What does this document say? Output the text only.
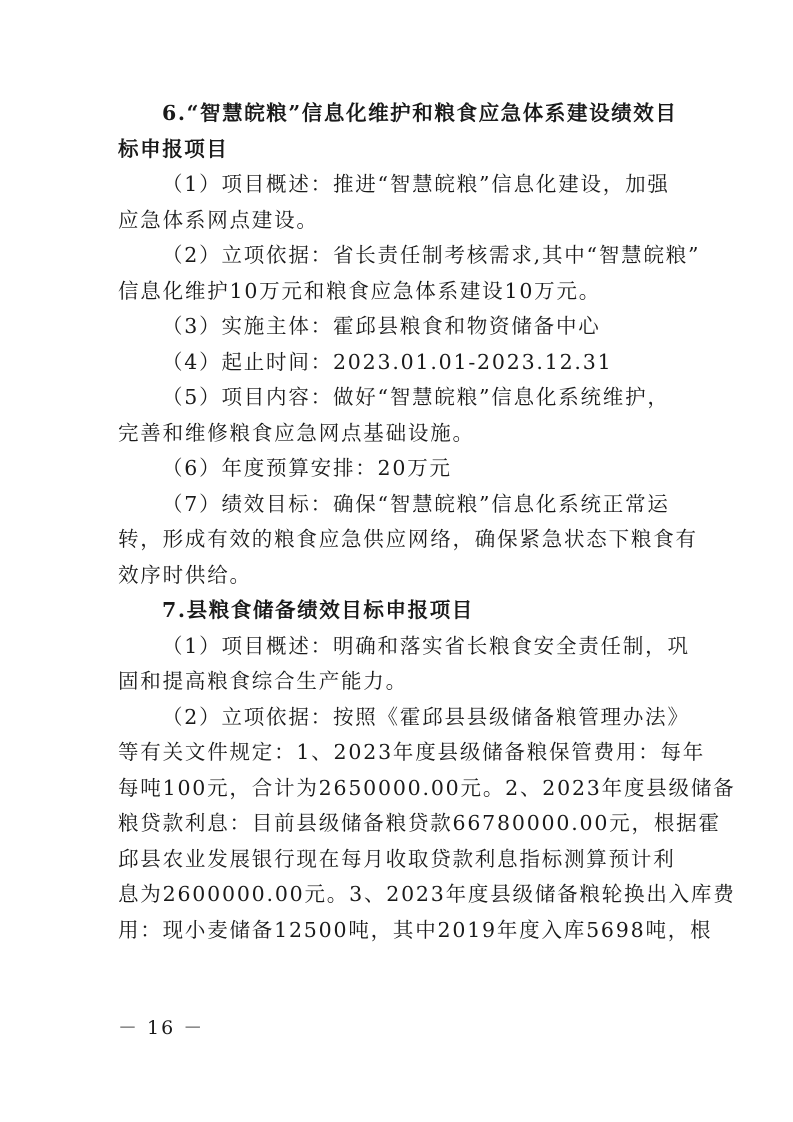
6.“智慧皖粮”信息化维护和粮食应急体系建设绩效目

标申报项目

（1）项目概述：推进“智慧皖粮”信息化建设，加强

应急体系网点建设。

（2）立项依据：省长责任制考核需求,其中“智慧皖粮”

信息化维护10万元和粮食应急体系建设10万元。

（3）实施主体：霍邱县粮食和物资储备中心

（4）起止时间：2023.01.01-2023.12.31

（5）项目内容：做好“智慧皖粮”信息化系统维护，

完善和维修粮食应急网点基础设施。

（6）年度预算安排：20万元

（7）绩效目标：确保“智慧皖粮”信息化系统正常运

转，形成有效的粮食应急供应网络，确保紧急状态下粮食有

效序时供给。

7.县粮食储备绩效目标申报项目

（1）项目概述：明确和落实省长粮食安全责任制，巩

固和提高粮食综合生产能力。

（2）立项依据：按照《霍邱县县级储备粮管理办法》

等有关文件规定：1、2023年度县级储备粮保管费用：每年

每吨100元，合计为2650000.00元。2、2023年度县级储备

粮贷款利息：目前县级储备粮贷款66780000.00元，根据霍

邱县农业发展银行现在每月收取贷款利息指标测算预计利

息为2600000.00元。3、2023年度县级储备粮轮换出入库费

用：现小麦储备12500吨，其中2019年度入库5698吨，根

－ 16 －
